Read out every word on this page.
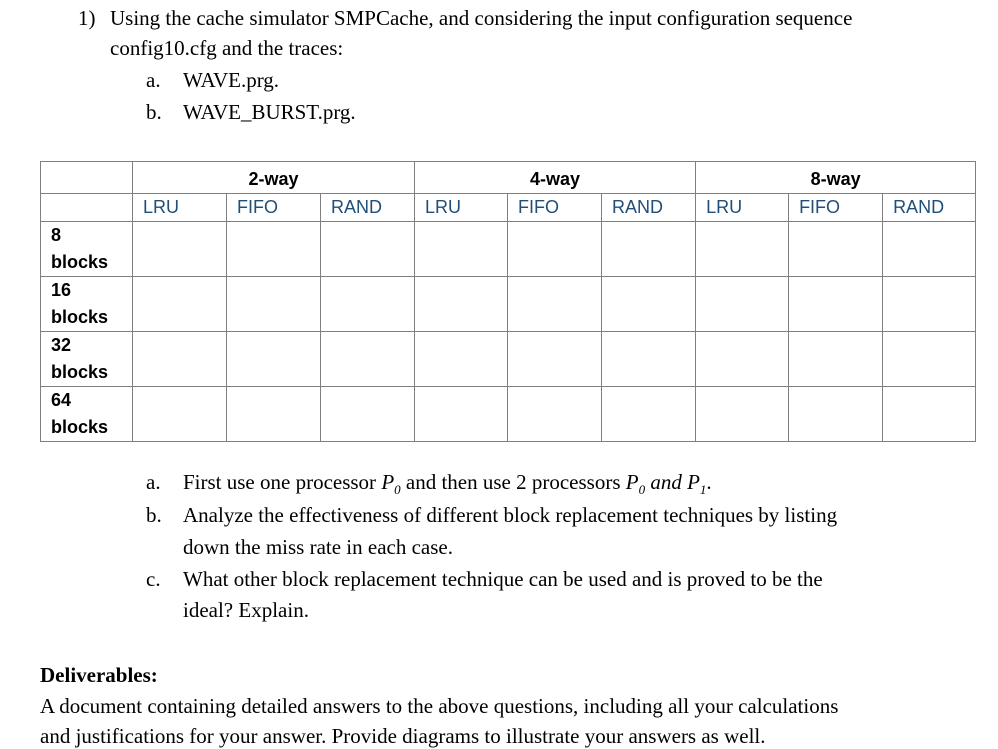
1) Using the cache simulator SMPCache, and considering the input configuration sequence
config10.cfg and the traces:
a. WAVE.prg.
b. WAVE_BURST.prg.
	2-way			4-way			8-way		
	LRU	FIFO	RAND	LRU	FIFO	RAND	LRU	FIFO	RAND

8
blocks									

16
blocks									

32
blocks									

64
blocks									

a. First use one processor $P_0$ and then use 2 processors $P_0$ and $P_1$.
b. Analyze the effectiveness of different block replacement techniques by listing
down the miss rate in each case.
c. What other block replacement technique can be used and is proved to be the
ideal? Explain.
Deliverables:
A document containing detailed answers to the above questions, including all your calculations
and justifications for your answer. Provide diagrams to illustrate your answers as well.
